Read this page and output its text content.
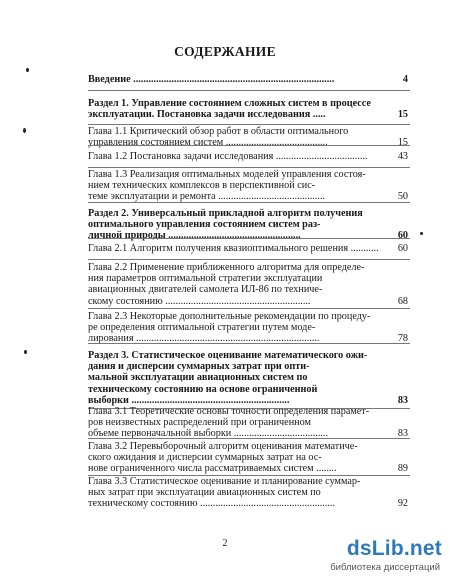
СОДЕРЖАНИЕ
Введение ...............................................................................	4
Раздел 1. Управление состоянием сложных систем в процессе
эксплуатации. Постановка задачи исследования .....	15
Глава 1.1 Критический обзор работ в области оптимального
управления состоянием систем ........................................	15
Глава 1.2 Постановка задачи исследования ....................................	43
Глава 1.3 Реализация оптимальных моделей управления состоя-
нием технических комплексов в перспективной сис-
теме эксплуатации и ремонта ..........................................	50
Раздел 2. Универсальный прикладной алгоритм получения
оптимального управления состоянием систем раз-
личной природы ....................................................	60
Глава 2.1 Алгоритм получения квазиоптимального решения ...........	60
Глава 2.2 Применение приближенного алгоритма для определе-
ния параметров оптимальной стратегии эксплуатации
авиационных двигателей самолета ИЛ-86 по техниче-
скому состоянию .........................................................	68
Глава 2.3 Некоторые дополнительные рекомендации по процеду-
ре определения оптимальной стратегии путем моде-
лирования ........................................................................	78
Раздел 3. Статистическое оценивание математического ожи-
дания и дисперсии суммарных затрат при опти-
мальной эксплуатации авиационных систем по
техническому состоянию на основе ограниченной
выборки ..............................................................	83
Глава 3.1 Теоретические основы точности определения парамет-
ров неизвестных распределений при ограниченном
объеме первоначальной выборки .....................................	83
Глава 3.2 Перевыборочный алгоритм оценивания математиче-
ского ожидания и дисперсии суммарных затрат на ос-
нове ограниченного числа рассматриваемых систем ........	89
Глава 3.3 Статистическое оценивание и планирование суммар-
ных затрат при эксплуатации авиационных систем по
техническому состоянию .....................................................	92
2	dsLib.net
библиотека диссертаций
